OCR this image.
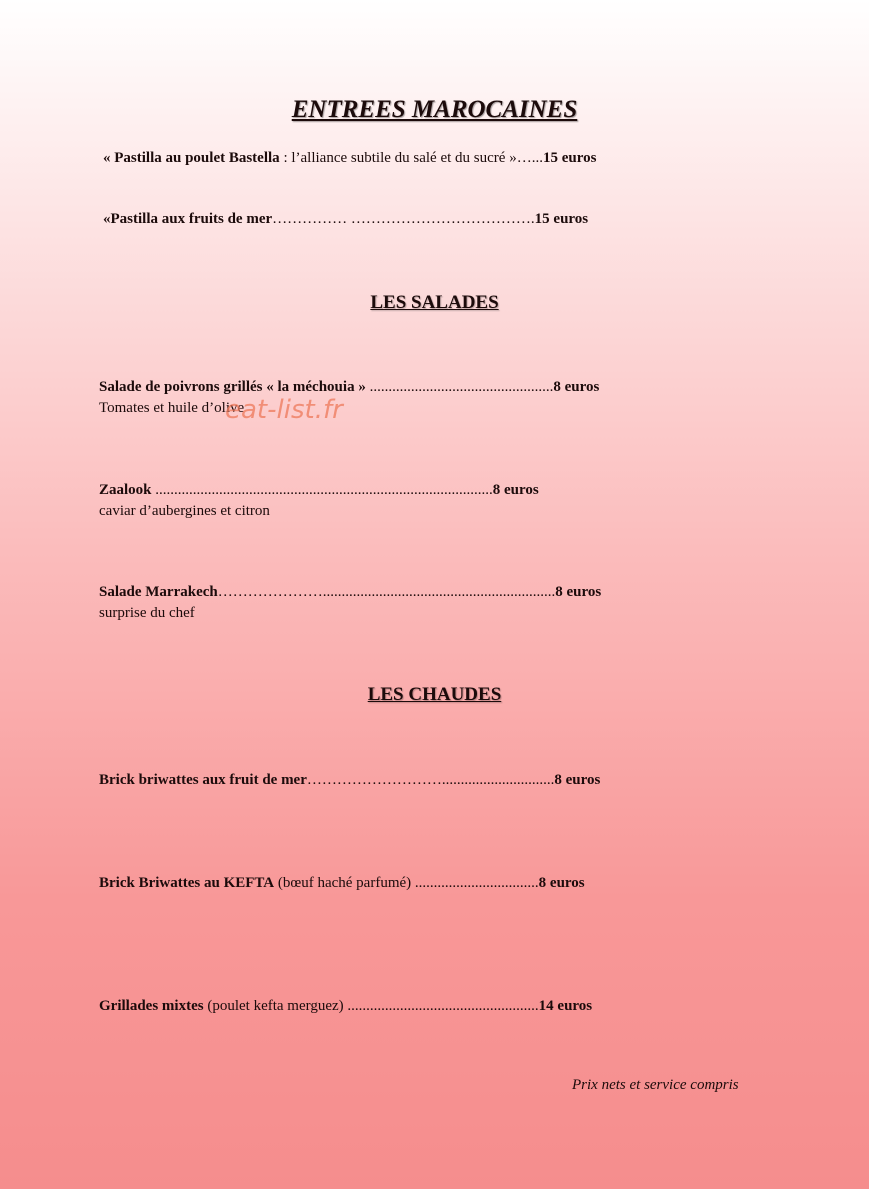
ENTREES MAROCAINES
« Pastilla au poulet Bastella : l’alliance subtile du salé et du sucré »…...15 euros
«Pastilla aux fruits de mer…………… ……………………………….15 euros
LES SALADES
Salade de poivrons grillés « la méchouia » .................................................8 euros
Tomates et huile d’olive
Zaalook ..........................................................................................8 euros
caviar d’aubergines et citron
Salade Marrakech…………………..............................................................8 euros
surprise du chef
LES CHAUDES
Brick briwattes aux fruit de mer………………………..............................8 euros
Brick Briwattes au KEFTA (bœuf haché parfumé) .................................8 euros
Grillades mixtes (poulet kefta merguez) ...................................................14 euros
Prix nets et service compris
eat-list.fr
